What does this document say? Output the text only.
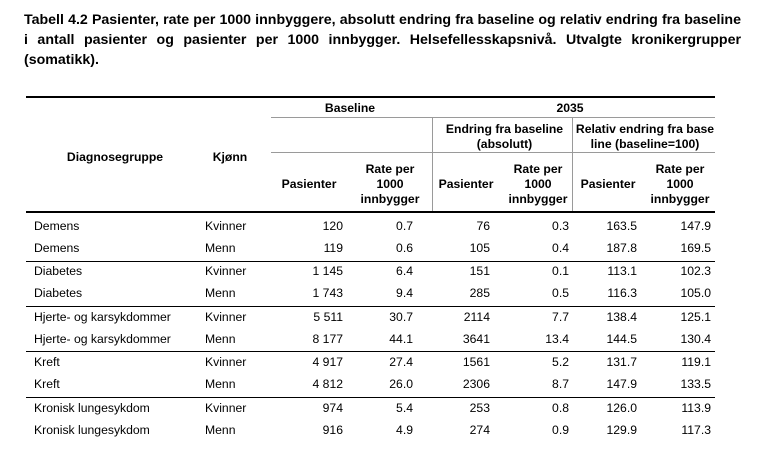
Tabell 4.2 Pasienter, rate per 1000 innbyggere, absolutt endring fra baseline og relativ endring fra baseline i antall pasienter og pasienter per 1000 innbygger. Helsefellesskapsnivå. Utvalgte kronikergrupper (somatikk).
Diagnosegruppe	Kjønn
Baseline	2035
Endring fra baseline
(absolutt)
Relativ endring fra base
line (baseline=100)
Pasienter
Rate per
1000
innbygger
Pasienter
Rate per
1000
innbygger
Pasienter
Rate per
1000
innbygger
Demens	Kvinner	120	0.7	76	0.3	163.5	147.9
Demens	Menn	119	0.6	105	0.4	187.8	169.5
Diabetes	Kvinner	1 145	6.4	151	0.1	113.1	102.3
Diabetes	Menn	1 743	9.4	285	0.5	116.3	105.0
Hjerte- og karsykdommer	Kvinner	5 511	30.7	2114	7.7	138.4	125.1
Hjerte- og karsykdommer	Menn	8 177	44.1	3641	13.4	144.5	130.4
Kreft	Kvinner	4 917	27.4	1561	5.2	131.7	119.1
Kreft	Menn	4 812	26.0	2306	8.7	147.9	133.5
Kronisk lungesykdom	Kvinner	974	5.4	253	0.8	126.0	113.9
Kronisk lungesykdom	Menn	916	4.9	274	0.9	129.9	117.3
